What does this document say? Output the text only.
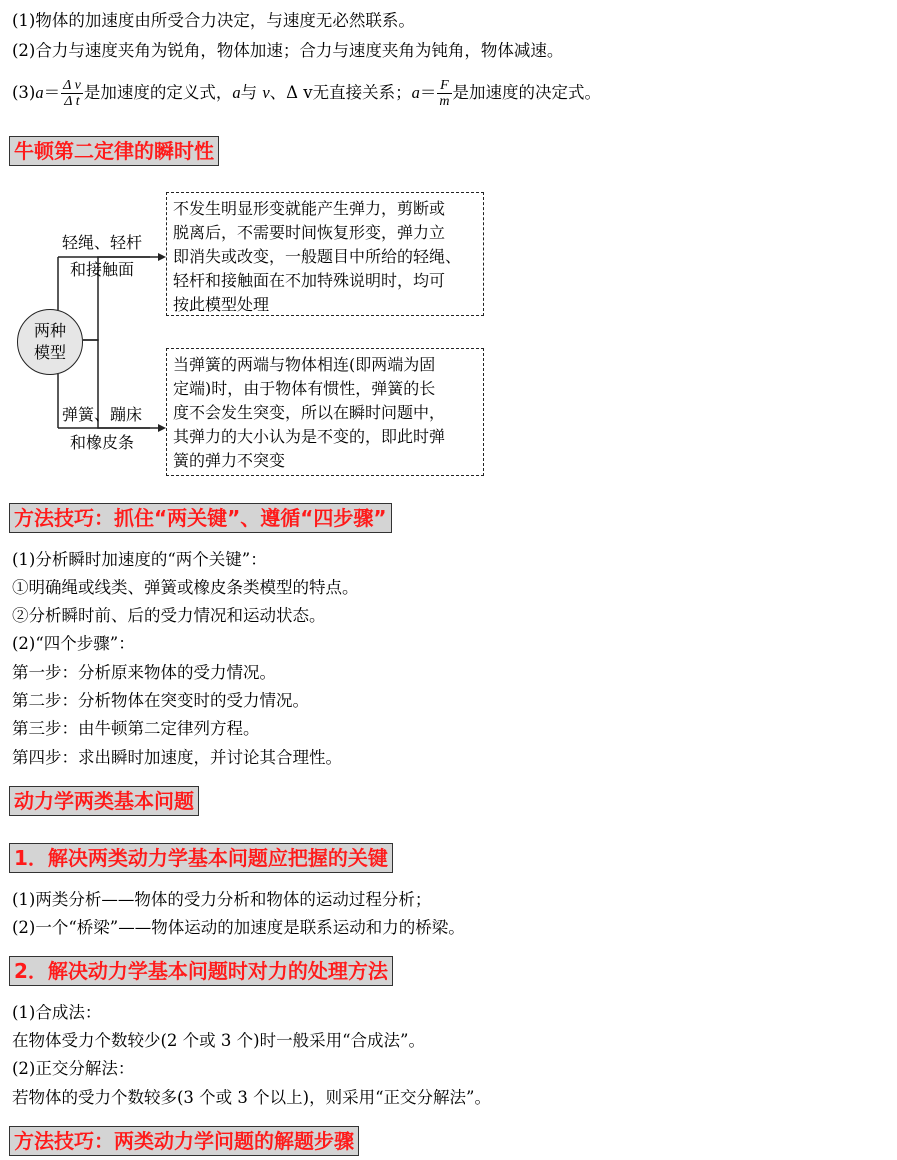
(1)物体的加速度由所受合力决定，与速度无必然联系。
(2)合力与速度夹角为锐角，物体加速；合力与速度夹角为钝角，物体减速。
$(3)a= \frac{\text{Δ v}}{\text{Δ t}}$ 是加速度的定义式，a与 v、Δ v无直接关系；$a= \frac{F}{m}$ 是加速度的决定式。
牛顿第二定律的瞬时性
两种
模型
轻绳、轻杆
和接触面
弹簧、蹦床
和橡皮条
不发生明显形变就能产生弹力，剪断或
脱离后，不需要时间恢复形变，弹力立
即消失或改变，一般题目中所给的轻绳、
轻杆和接触面在不加特殊说明时，均可
按此模型处理
当弹簧的两端与物体相连(即两端为固
定端)时，由于物体有惯性，弹簧的长
度不会发生突变，所以在瞬时问题中，
其弹力的大小认为是不变的，即此时弹
簧的弹力不突变
方法技巧：抓住“两关键”、遵循“四步骤”
(1)分析瞬时加速度的“两个关键”：
①明确绳或线类、弹簧或橡皮条类模型的特点。
②分析瞬时前、后的受力情况和运动状态。
(2)“四个步骤”：
第一步：分析原来物体的受力情况。
第二步：分析物体在突变时的受力情况。
第三步：由牛顿第二定律列方程。
第四步：求出瞬时加速度，并讨论其合理性。
动力学两类基本问题
1．解决两类动力学基本问题应把握的关键
(1)两类分析——物体的受力分析和物体的运动过程分析；
(2)一个“桥梁”——物体运动的加速度是联系运动和力的桥梁。
2．解决动力学基本问题时对力的处理方法
(1)合成法：
在物体受力个数较少(2 个或 3 个)时一般采用“合成法”。
(2)正交分解法：
若物体的受力个数较多(3 个或 3 个以上)，则采用“正交分解法”。
方法技巧：两类动力学问题的解题步骤
